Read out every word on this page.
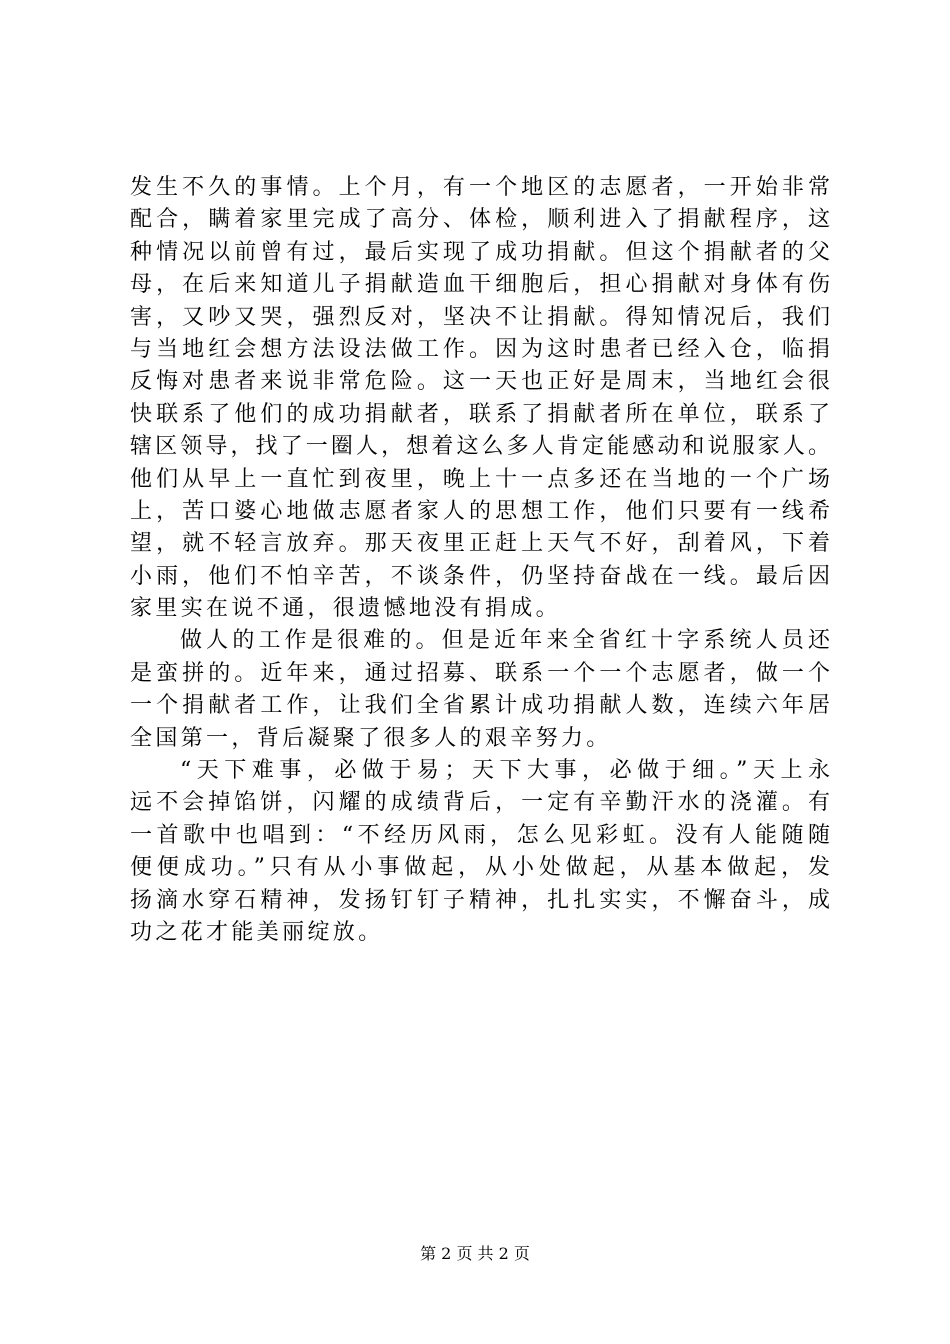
发生不久的事情。上个月，有一个地区的志愿者，一开始非常
配合，瞒着家里完成了高分、体检，顺利进入了捐献程序，这
种情况以前曾有过，最后实现了成功捐献。但这个捐献者的父
母，在后来知道儿子捐献造血干细胞后，担心捐献对身体有伤
害，又吵又哭，强烈反对，坚决不让捐献。得知情况后，我们
与当地红会想方法设法做工作。因为这时患者已经入仓，临捐
反悔对患者来说非常危险。这一天也正好是周末，当地红会很
快联系了他们的成功捐献者，联系了捐献者所在单位，联系了
辖区领导，找了一圈人，想着这么多人肯定能感动和说服家人。
他们从早上一直忙到夜里，晚上十一点多还在当地的一个广场
上，苦口婆心地做志愿者家人的思想工作，他们只要有一线希
望，就不轻言放弃。那天夜里正赶上天气不好，刮着风，下着
小雨，他们不怕辛苦，不谈条件，仍坚持奋战在一线。最后因
家里实在说不通，很遗憾地没有捐成。
做人的工作是很难的。但是近年来全省红十字系统人员还
是蛮拼的。近年来，通过招募、联系一个一个志愿者，做一个
一个捐献者工作，让我们全省累计成功捐献人数，连续六年居
全国第一，背后凝聚了很多人的艰辛努力。
“天下难事，必做于易；天下大事，必做于细。”天上永
远不会掉馅饼，闪耀的成绩背后，一定有辛勤汗水的浇灌。有
一首歌中也唱到：“不经历风雨，怎么见彩虹。没有人能随随
便便成功。”只有从小事做起，从小处做起，从基本做起，发
扬滴水穿石精神，发扬钉钉子精神，扎扎实实，不懈奋斗，成
功之花才能美丽绽放。
第 2 页 共 2 页
